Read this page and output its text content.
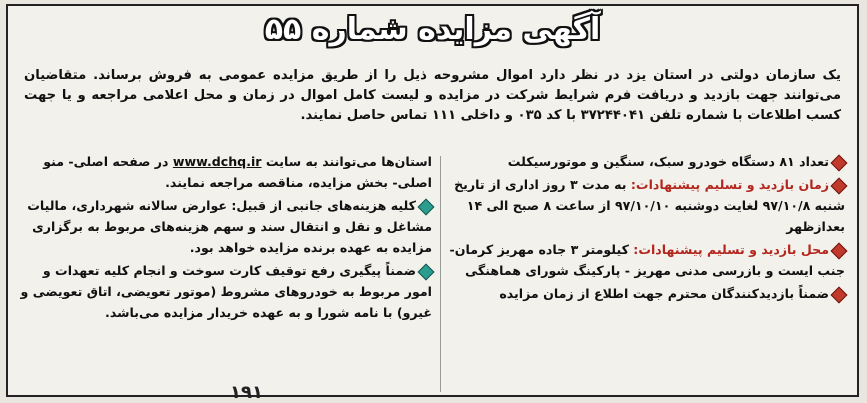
آگهی مزایده شماره ۵۵
یک سازمان دولتی در استان یزد در نظر دارد اموال مشروحه ذیل را از طریق مزایده عمومی به فروش برساند. متقاضیان می‌توانند جهت بازدید و دریافت فرم شرایط شرکت در مزایده و لیست کامل اموال در زمان و محل اعلامی مراجعه و یا جهت کسب اطلاعات با شماره تلفن ۳۷۲۴۴۰۴۱ با کد ۰۳۵ و داخلی ۱۱۱ تماس حاصل نمایند.
تعداد ۸۱ دستگاه خودرو سبک، سنگین و موتورسیکلت
زمان بازدید و تسلیم پیشنهادات: به مدت ۳ روز اداری از تاریخ شنبه ۹۷/۱۰/۸ لغایت دوشنبه ۹۷/۱۰/۱۰ از ساعت ۸ صبح الی ۱۴ بعدازظهر
محل بازدید و تسلیم پیشنهادات: کیلومتر ۳ جاده مهریز کرمان- جنب ایست و بازرسی مدنی مهریز - پارکینگ شورای هماهنگی
ضمناً بازدیدکنندگان محترم جهت اطلاع از زمان مزایده
استان‌ها می‌توانند به سایت www.dchq.ir در صفحه اصلی- منو اصلی- بخش مزایده، مناقصه مراجعه نمایند.
کلیه هزینه‌های جانبی از قبیل: عوارض سالانه شهرداری، مالیات مشاغل و نقل و انتقال سند و سهم هزینه‌های مربوط به برگزاری مزایده به عهده برنده مزایده خواهد بود.
ضمناً پیگیری رفع توقیف کارت سوخت و انجام کلیه تعهدات و امور مربوط به خودروهای مشروط (موتور تعویضی، اتاق تعویضی و غیرو) با نامه شورا و به عهده خریدار مزایده می‌باشد.
۱۹۱
